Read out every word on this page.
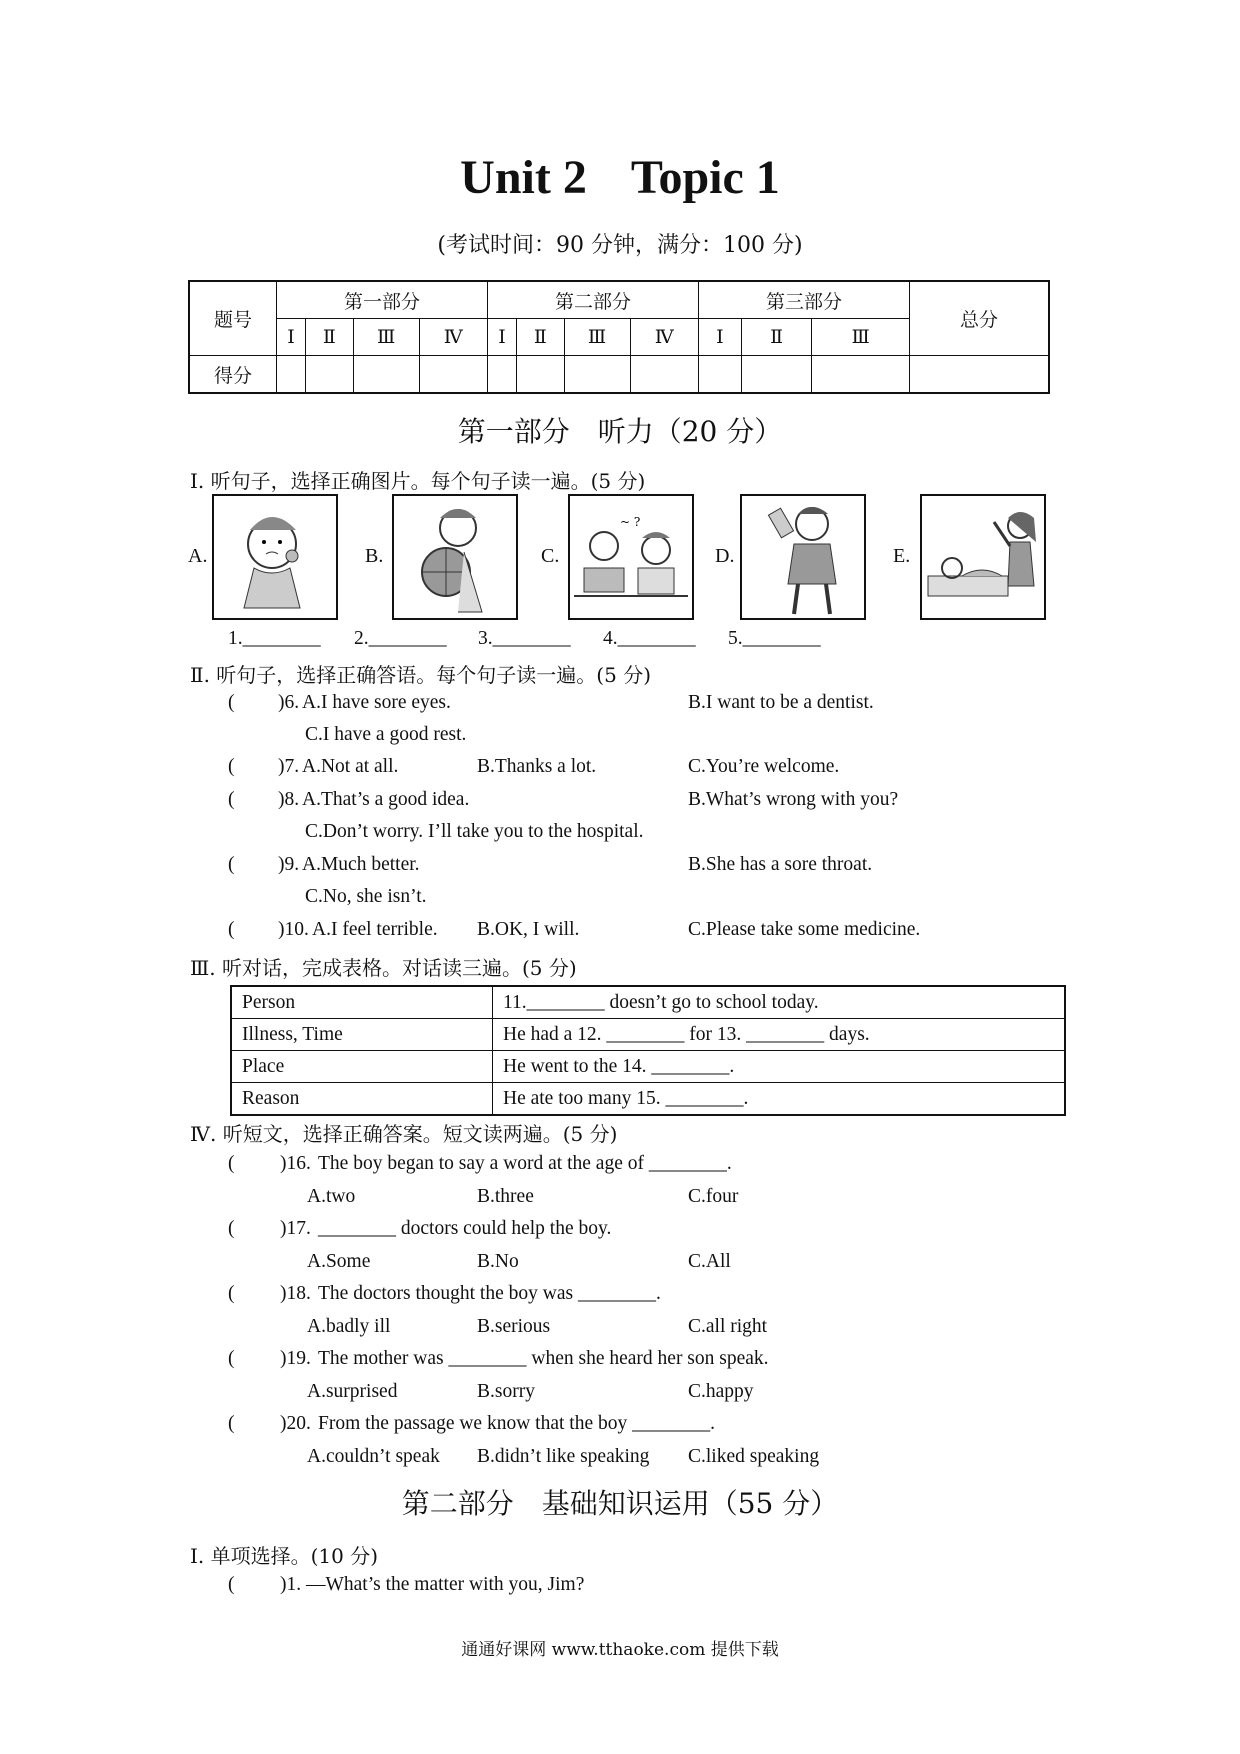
Unit 2 Topic 1
(考试时间：90 分钟，满分：100 分)
题号	第一部分				第二部分				第三部分			总分
	Ⅰ	Ⅱ	Ⅲ	Ⅳ	Ⅰ	Ⅱ	Ⅲ	Ⅳ	Ⅰ	Ⅱ	Ⅲ	
得分												
第一部分　听力（20 分）
Ⅰ. 听句子，选择正确图片。每个句子读一遍。(5 分)
A.	B.	C.
~ ?
D.	E.
1.________ 2.________ 3.________ 4.________ 5.________
Ⅱ. 听句子，选择正确答语。每个句子读一遍。(5 分)
( )6. A.I have sore eyes.	B.I want to be a dentist.
C.I have a good rest.
( )7. A.Not at all.	B.Thanks a lot.	C.You’re welcome.
( )8. A.That’s a good idea.	B.What’s wrong with you?
C.Don’t worry. I’ll take you to the hospital.
( )9. A.Much better.	B.She has a sore throat.
C.No, she isn’t.
( )10. A.I feel terrible. B.OK, I will.	C.Please take some medicine.
Ⅲ. 听对话，完成表格。对话读三遍。(5 分)
Person	11.________ doesn’t go to school today.
Illness, Time	He had a 12. ________ for 13. ________ days.
Place	He went to the 14. ________.
Reason	He ate too many 15. ________.
Ⅳ. 听短文，选择正确答案。短文读两遍。(5 分)
( )16. The boy began to say a word at the age of ________.
A.two	B.three	C.four
( )17. ________ doctors could help the boy.
A.Some	B.No	C.All
( )18. The doctors thought the boy was ________.
A.badly ill	B.serious	C.all right
( )19. The mother was ________ when she heard her son speak.
A.surprised	B.sorry	C.happy
( )20. From the passage we know that the boy ________.
A.couldn’t speak B.didn’t like speaking C.liked speaking
第二部分　基础知识运用（55 分）
Ⅰ. 单项选择。(10 分)
( )1. —What’s the matter with you, Jim?
通通好课网 www.tthaoke.com 提供下载
